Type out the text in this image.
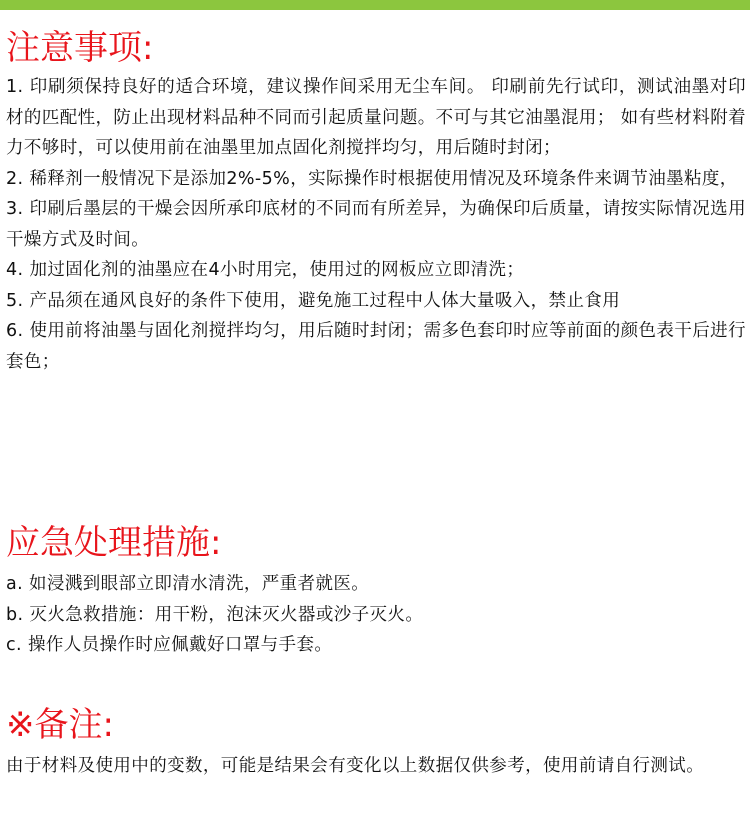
注意事项:

1. 印刷须保持良好的适合环境，建议操作间采用无尘车间。 印刷前先行试印，测试油墨对印材的匹配性，防止出现材料品种不同而引起质量问题。不可与其它油墨混用； 如有些材料附着力不够时，可以使用前在油墨里加点固化剂搅拌均匀，用后随时封闭；

2. 稀释剂一般情况下是添加2%-5%，实际操作时根据使用情况及环境条件来调节油墨粘度，

3. 印刷后墨层的干燥会因所承印底材的不同而有所差异，为确保印后质量，请按实际情况选用干燥方式及时间。

4. 加过固化剂的油墨应在4小时用完，使用过的网板应立即清洗；

5. 产品须在通风良好的条件下使用，避免施工过程中人体大量吸入，禁止食用

6. 使用前将油墨与固化剂搅拌均匀，用后随时封闭；需多色套印时应等前面的颜色表干后进行套色；

应急处理措施:

a. 如浸溅到眼部立即清水清洗，严重者就医。

b. 灭火急救措施：用干粉，泡沫灭火器或沙子灭火。

c. 操作人员操作时应佩戴好口罩与手套。

※备注:

由于材料及使用中的变数，可能是结果会有变化以上数据仅供参考，使用前请自行测试。
